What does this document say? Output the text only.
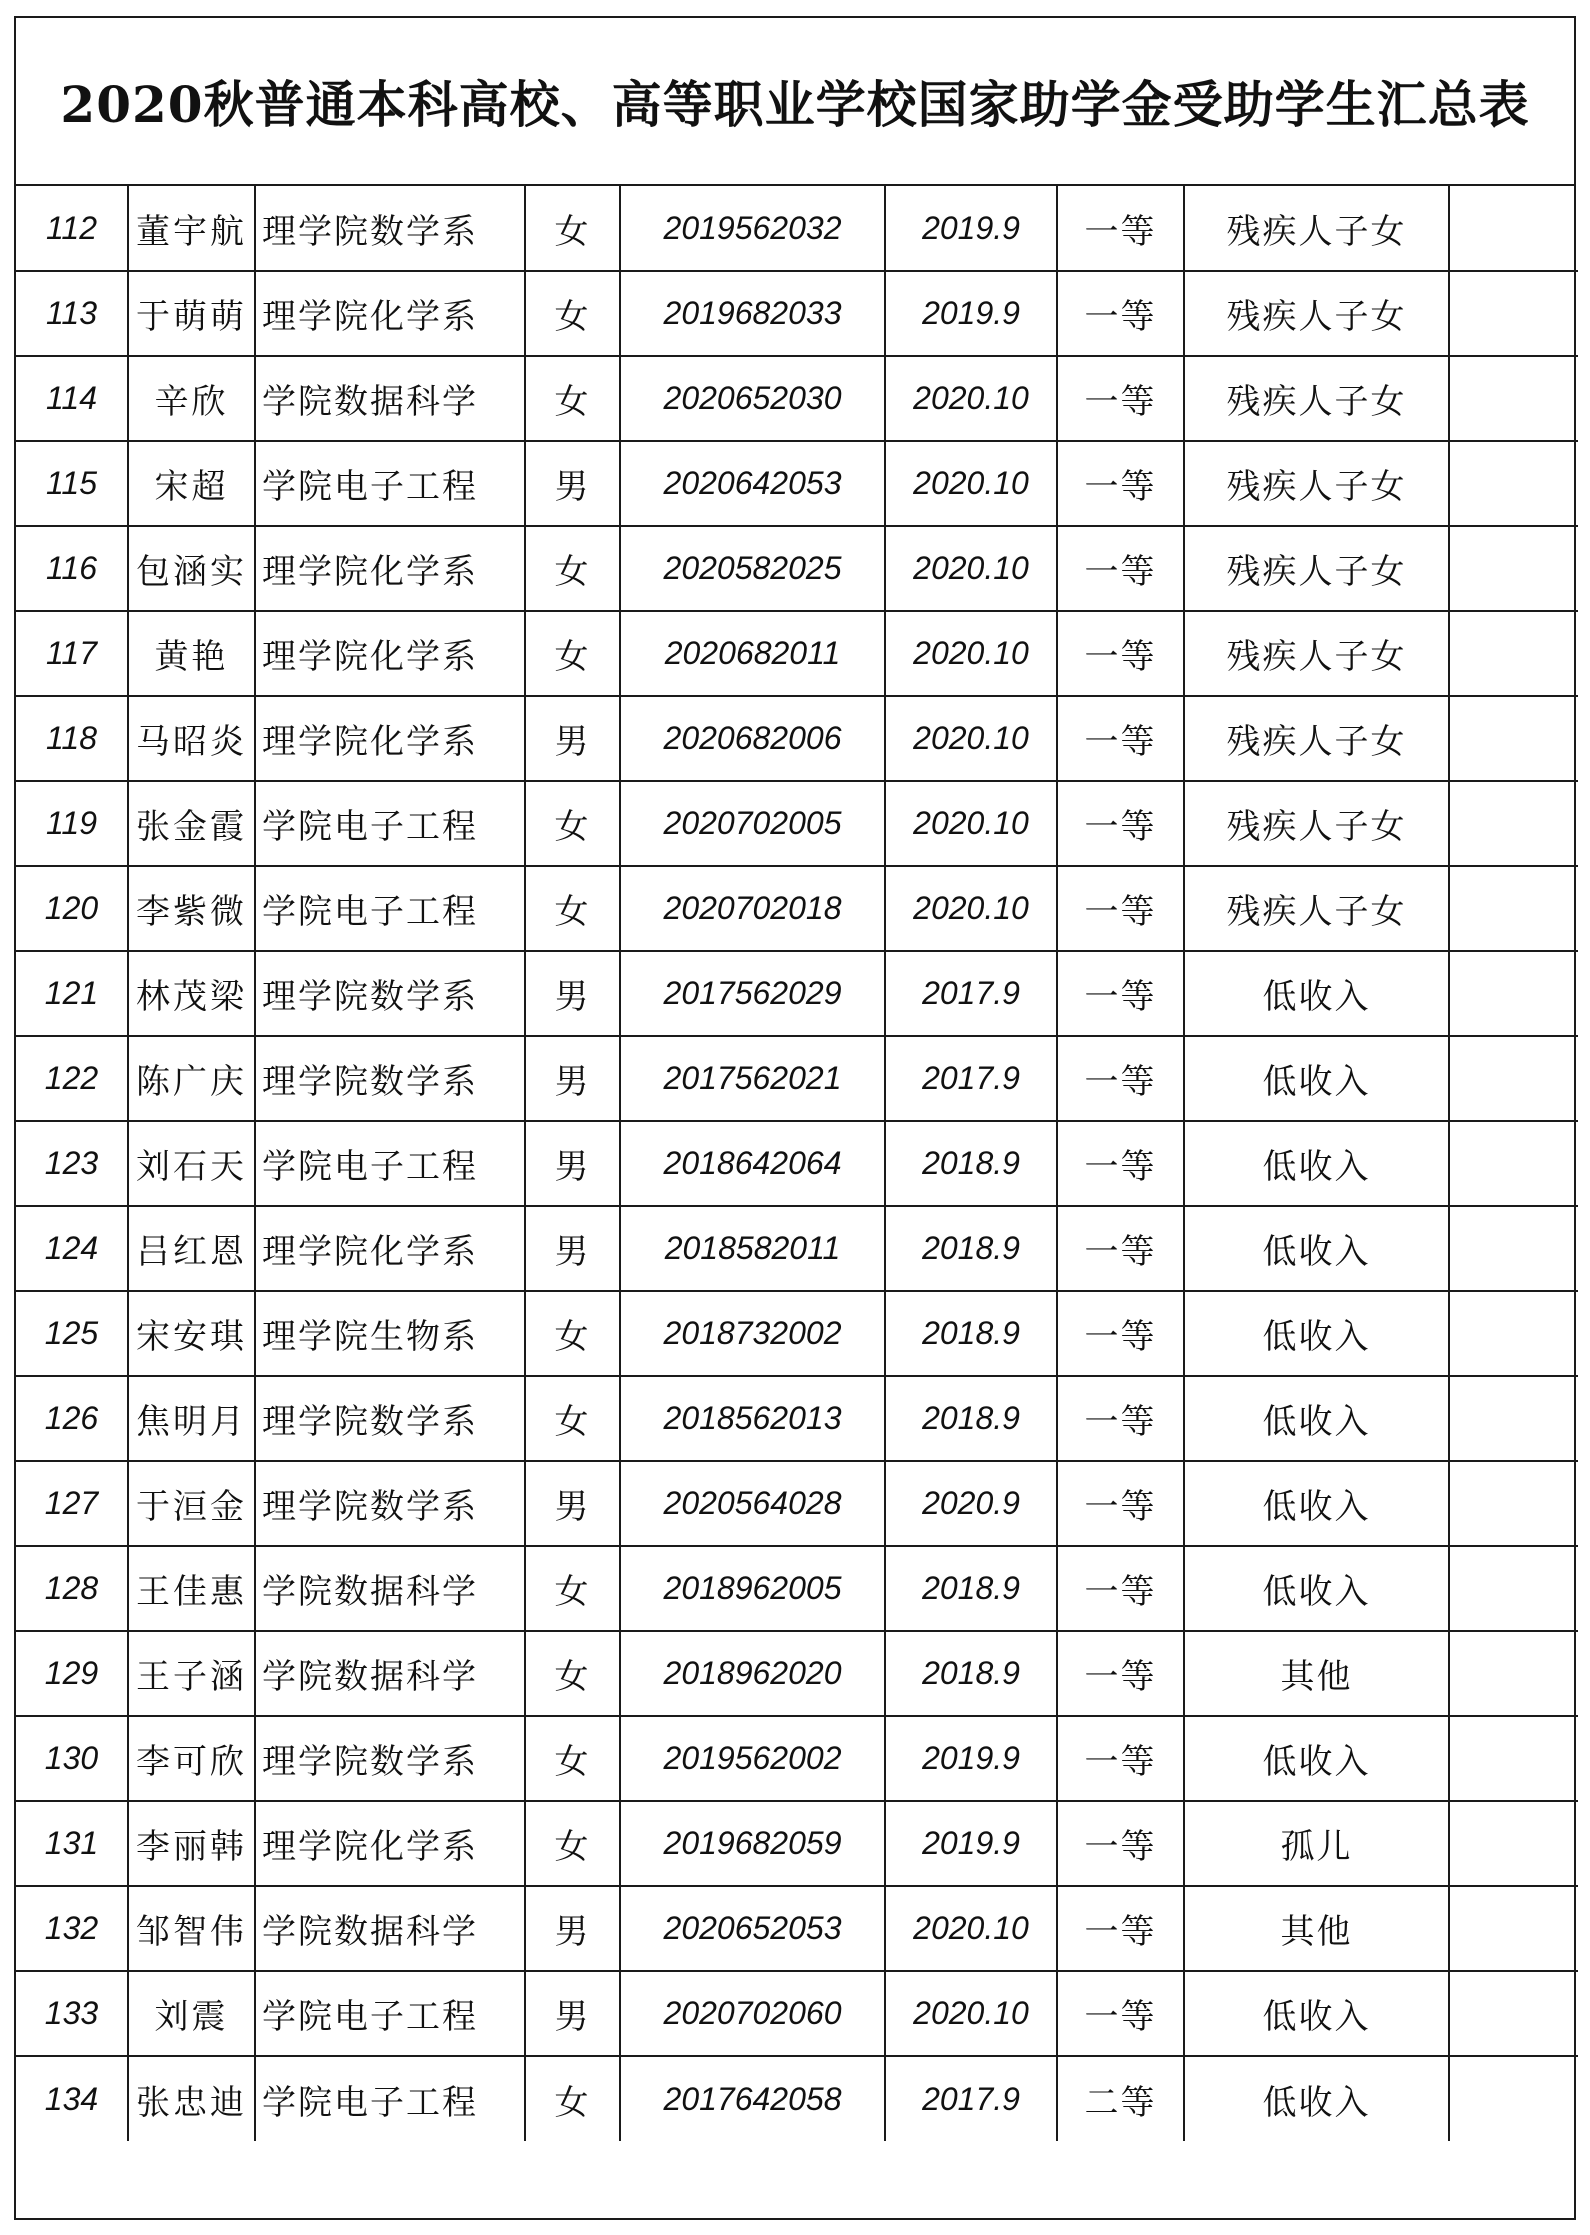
2020秋普通本科高校、高等职业学校国家助学金受助学生汇总表
112	董宇航	理学院数学系	女	2019562032	2019.9	一等	残疾人子女	
113	于萌萌	理学院化学系	女	2019682033	2019.9	一等	残疾人子女	
114	辛欣	学院数据科学	女	2020652030	2020.10	一等	残疾人子女	
115	宋超	学院电子工程	男	2020642053	2020.10	一等	残疾人子女	
116	包涵实	理学院化学系	女	2020582025	2020.10	一等	残疾人子女	
117	黄艳	理学院化学系	女	2020682011	2020.10	一等	残疾人子女	
118	马昭炎	理学院化学系	男	2020682006	2020.10	一等	残疾人子女	
119	张金霞	学院电子工程	女	2020702005	2020.10	一等	残疾人子女	
120	李紫微	学院电子工程	女	2020702018	2020.10	一等	残疾人子女	
121	林茂梁	理学院数学系	男	2017562029	2017.9	一等	低收入	
122	陈广庆	理学院数学系	男	2017562021	2017.9	一等	低收入	
123	刘石天	学院电子工程	男	2018642064	2018.9	一等	低收入	
124	吕红恩	理学院化学系	男	2018582011	2018.9	一等	低收入	
125	宋安琪	理学院生物系	女	2018732002	2018.9	一等	低收入	
126	焦明月	理学院数学系	女	2018562013	2018.9	一等	低收入	
127	于洹金	理学院数学系	男	2020564028	2020.9	一等	低收入	
128	王佳惠	学院数据科学	女	2018962005	2018.9	一等	低收入	
129	王子涵	学院数据科学	女	2018962020	2018.9	一等	其他	
130	李可欣	理学院数学系	女	2019562002	2019.9	一等	低收入	
131	李丽韩	理学院化学系	女	2019682059	2019.9	一等	孤儿	
132	邹智伟	学院数据科学	男	2020652053	2020.10	一等	其他	
133	刘震	学院电子工程	男	2020702060	2020.10	一等	低收入	
134	张忠迪	学院电子工程	女	2017642058	2017.9	二等	低收入	
